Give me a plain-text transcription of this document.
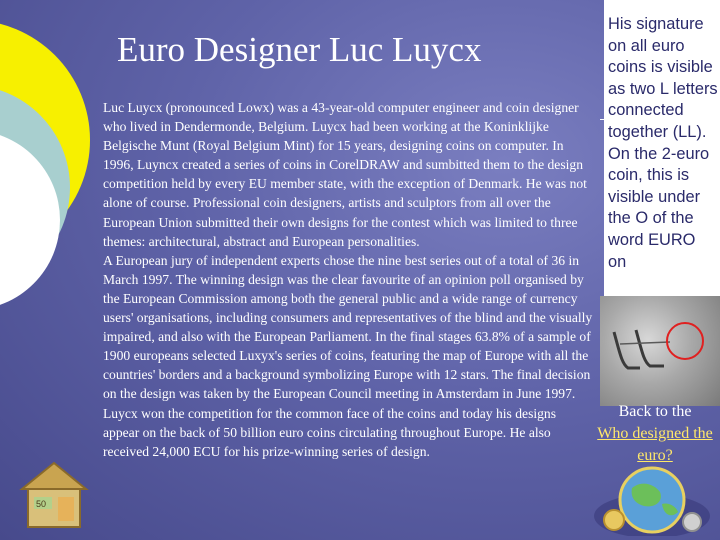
Euro Designer Luc Luycx

Luc Luycx (pronounced Lowx) was a 43-year-old computer engineer and coin designer who lived in Dendermonde, Belgium. Luycx had been working at the Koninklijke Belgische Munt (Royal Belgium Mint) for 15 years, designing coins on computer. In 1996, Luyncx created a series of coins in CorelDRAW and sumbitted them to the design competition held by every EU member state, with the exception of Denmark. He was not alone of course. Professional coin designers, artists and sculptors from all over the European Union submitted their own designs for the contest which was limited to three themes: architectural, abstract and European personalities.

A European jury of independent experts chose the nine best series out of a total of 36 in March 1997. The winning design was the clear favourite of an opinion poll organised by the European Commission among both the general public and a wide range of currency users' organisations, including consumers and representatives of the blind and the visually impaired, and also with the European Parliament. In the final stages 63.8% of a sample of 1900 europeans selected Luxyx's series of coins, featuring the map of Europe with all the countries' borders and a background symbolizing Europe with 12 stars. The final decision on the design was taken by the European Council meeting in Amsterdam in June 1997. Luycx won the competition for the common face of the coins and today his designs appear on the back of 50 billion euro coins circulating throughout Europe. He also received 24,000 ECU for his prize-winning series of design.

His signature on all euro coins is visible as two L letters connected together (LL). On the 2-euro coin, this is visible under the O of the word EURO on
Back to the
Who designed the euro?
50
